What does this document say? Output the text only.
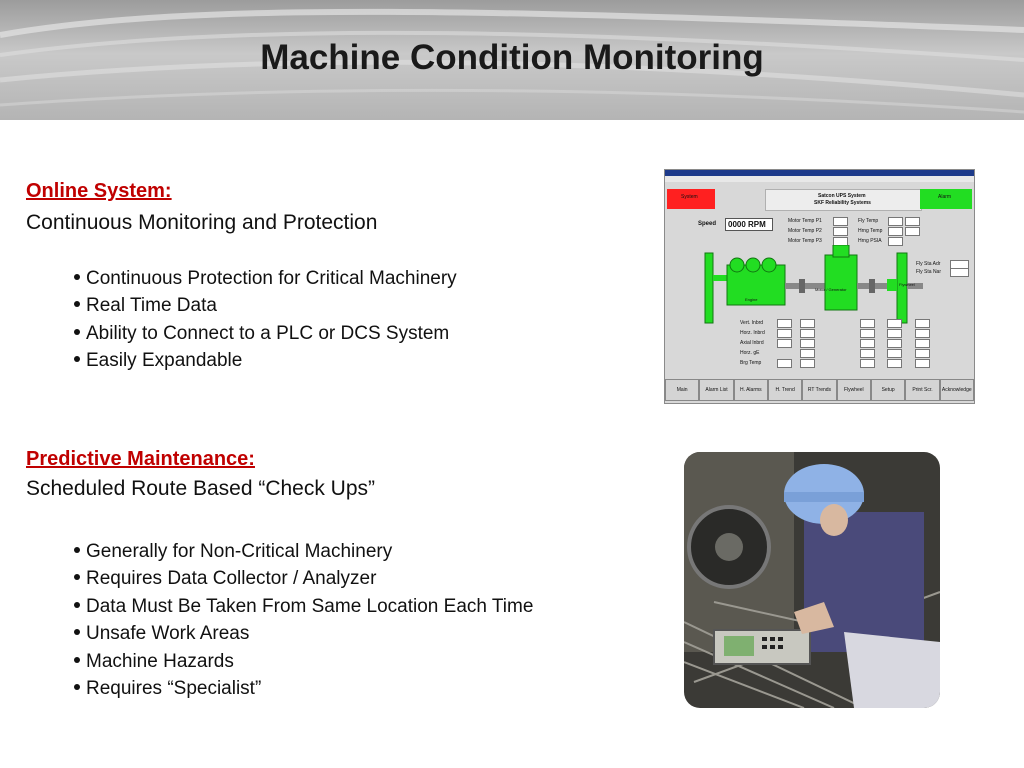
Machine Condition Monitoring
Online System:
Continuous Monitoring and Protection
Continuous Protection for Critical Machinery
Real Time Data
Ability to Connect to a PLC or DCS System
Easily Expandable
Predictive Maintenance:
Scheduled Route Based “Check Ups”
Generally for Non-Critical Machinery
Requires Data Collector / Analyzer
Data Must Be Taken From Same Location Each Time
Unsafe Work Areas
Machine Hazards
Requires “Specialist”
System	Satcon UPS System
SKF Reliability Systems
Alarm
Speed	0000 RPM	Motor Temp P1
Motor Temp P2
Motor Temp P3
Fly Temp
Hrng Temp
Hrng PSIA
Fly Sta Adr
Fly Sta Nar
Motor / Generator
Engine
Flywheel
Vert. Inbrd
Horz. Inbrd
Axial Inbrd
Horz. gE
Brg Temp
Main	Alarm List	H. Alarms	H. Trend	RT Trends	Flywheel	Setup	Print Scr.	Acknowledge
